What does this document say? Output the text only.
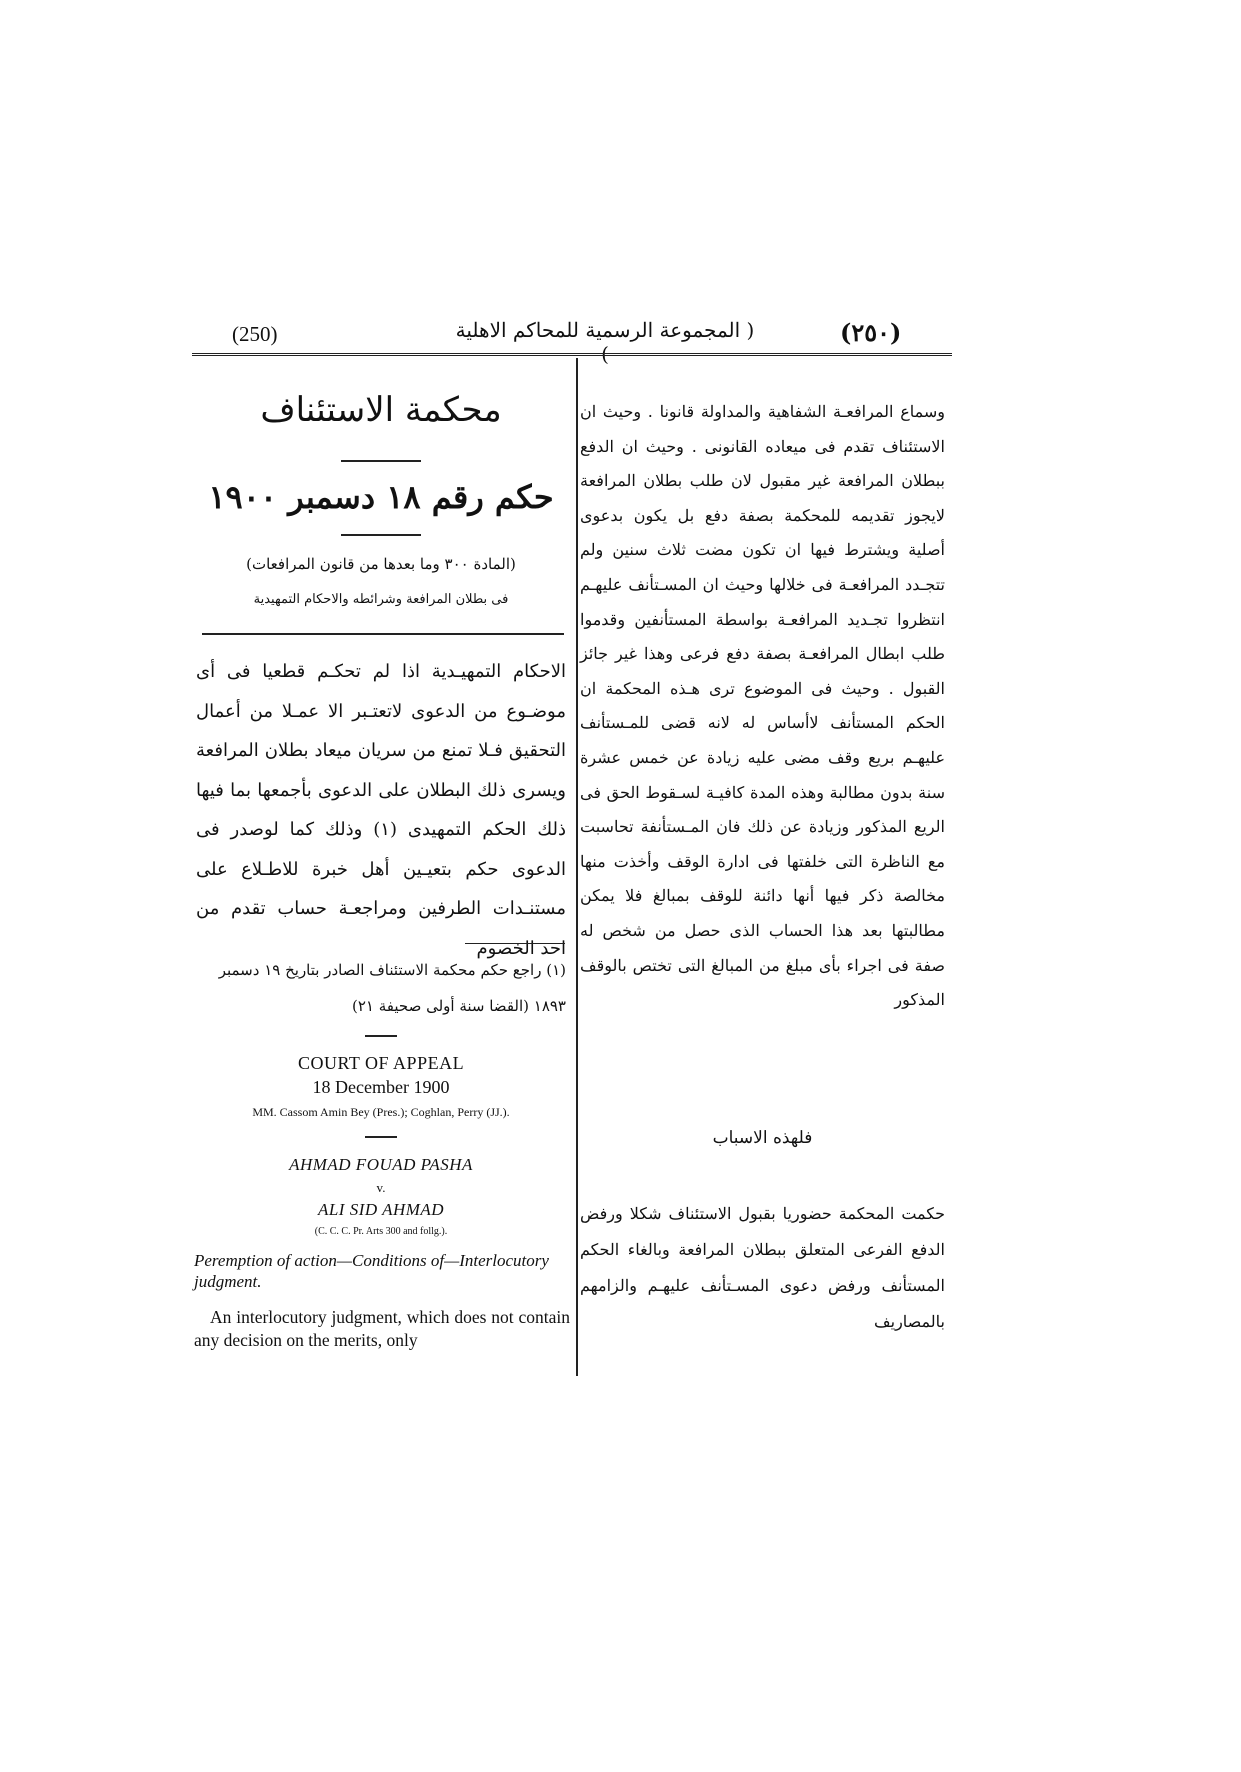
(250)	( المجموعة الرسمية للمحاكم الاهلية )
(٢٥٠)
محكمة الاستئناف
حكم رقم ١٨ دسمبر ١٩٠٠
(المادة ٣٠٠ وما بعدها من قانون المرافعات)
فى بطلان المرافعة وشرائطه والاحكام التمهيدية
الاحكام التمهيـدية اذا لم تحكـم قطعيا فى أى موضـوع من الدعوى لاتعتـبر الا عمـلا من أعمال التحقيق فـلا تمنع من سريان ميعاد بطلان المرافعة ويسرى ذلك البطلان على الدعوى بأجمعها بما فيها ذلك الحكم التمهيدى (١) وذلك كما لوصدر فى الدعوى حكم بتعيـين أهل خبرة للاطـلاع على مستنـدات الطرفين ومراجعـة حساب تقدم من احد الخصوم
(١) راجع حكم محكمة الاستئناف الصادر بتاريخ ١٩ دسمبر ١٨٩٣ (القضا سنة أولى صحيفة ٢١)
COURT OF APPEAL
18 December 1900
MM. Cassom Amin Bey (Pres.); Coghlan, Perry (JJ.).
AHMAD FOUAD PASHA
v.
ALI SID AHMAD
(C. C. C. Pr. Arts 300 and follg.).
Peremption of action—Conditions of—Interlocutory judgment.
An interlocutory judgment, which does not contain any decision on the merits, only
وسماع المرافعـة الشفاهية والمداولة قانونا . وحيث ان الاستئناف تقدم فى ميعاده القانونى . وحيث ان الدفع ببطلان المرافعة غير مقبول لان طلب بطلان المرافعة لايجوز تقديمه للمحكمة بصفة دفع بل يكون بدعوى أصلية ويشترط فيها ان تكون مضت ثلاث سنين ولم تتجـدد المرافعـة فى خلالها وحيث ان المسـتأنف عليهـم انتظروا تجـديد المرافعـة بواسطة المستأنفين وقدموا طلب ابطال المرافعـة بصفة دفع فرعى وهذا غير جائز القبول . وحيث فى الموضوع ترى هـذه المحكمة ان الحكم المستأنف لاأساس له لانه قضى للمـستأنف عليهـم بريع وقف مضى عليه زيادة عن خمس عشرة سنة بدون مطالبة وهذه المدة كافيـة لسـقوط الحق فى الريع المذكور وزيادة عن ذلك فان المـستأنفة تحاسبت مع الناظرة التى خلفتها فى ادارة الوقف وأخذت منها مخالصة ذكر فيها أنها دائنة للوقف بمبالغ فلا يمكن مطالبتها بعد هذا الحساب الذى حصل من شخص له صفة فى اجراء بأى مبلغ من المبالغ التى تختص بالوقف المذكور
فلهذه الاسباب
حكمت المحكمة حضوريا بقبول الاستئناف شكلا ورفض الدفع الفرعى المتعلق ببطلان المرافعة وبالغاء الحكم المستأنف ورفض دعوى المسـتأنف عليهـم والزامهم بالمصاريف
